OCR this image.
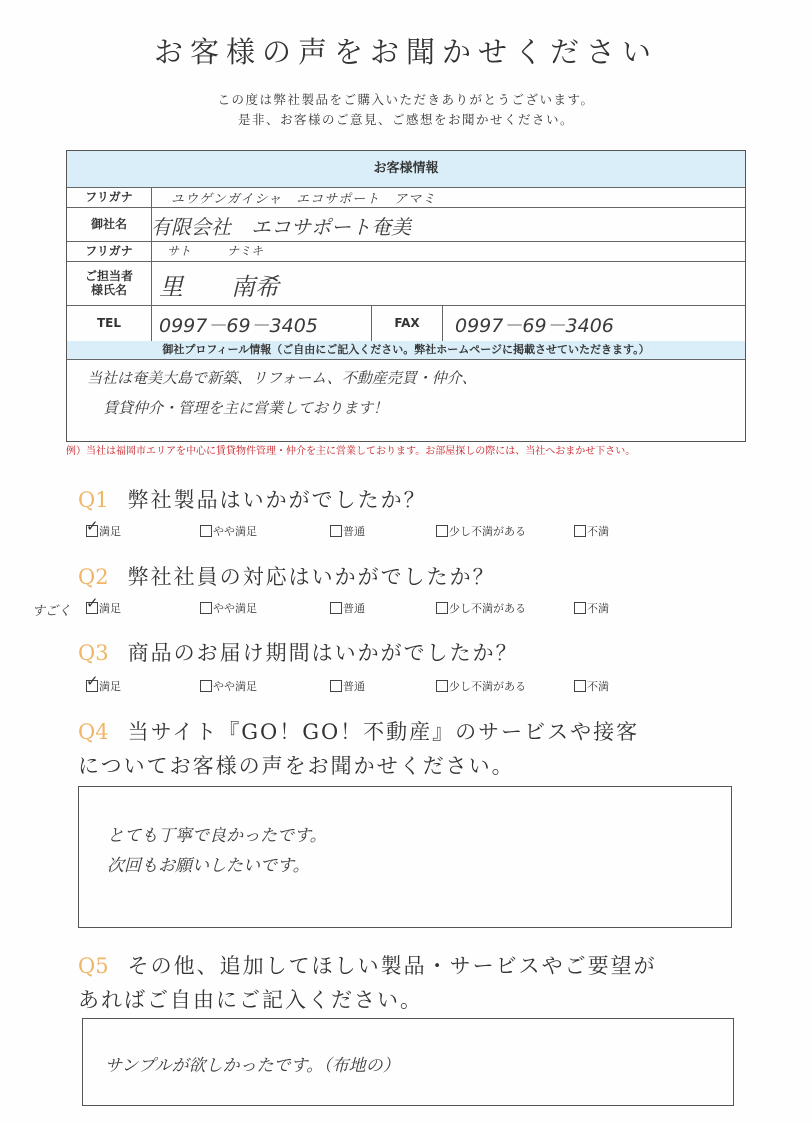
お客様の声をお聞かせください
この度は弊社製品をご購入いただきありがとうございます。
是非、お客様のご意見、ご感想をお聞かせください。
お客様情報
フリガナ	ユウゲンガイシャ　エコサポート　アマミ
御社名	有限会社　エコサポート奄美
フリガナ	サト　　　ナミキ
ご担当者
様氏名 里　　南希
TEL	0997－69－3405	FAX	0997－69－3406
御社プロフィール情報（ご自由にご記入ください。弊社ホームページに掲載させていただきます。）
当社は奄美大島で新築、リフォーム、不動産売買・仲介、
賃貸仲介・管理を主に営業しております！
例）当社は福岡市エリアを中心に賃貸物件管理・仲介を主に営業しております。お部屋探しの際には、当社へおまかせ下さい。
Q1 弊社製品はいかがでしたか？
✓ 満足	やや満足	普通	少し不満がある	不満
Q2 弊社社員の対応はいかがでしたか？
すごく ✓ 満足	やや満足	普通	少し不満がある	不満
Q3 商品のお届け期間はいかがでしたか？
✓ 満足	やや満足	普通	少し不満がある	不満
Q4 当サイト『GO！GO！不動産』のサービスや接客
についてお客様の声をお聞かせください。
とても丁寧で良かったです。
次回もお願いしたいです。
Q5 その他、追加してほしい製品・サービスやご要望が
あればご自由にご記入ください。
サンプルが欲しかったです。（布地の）
